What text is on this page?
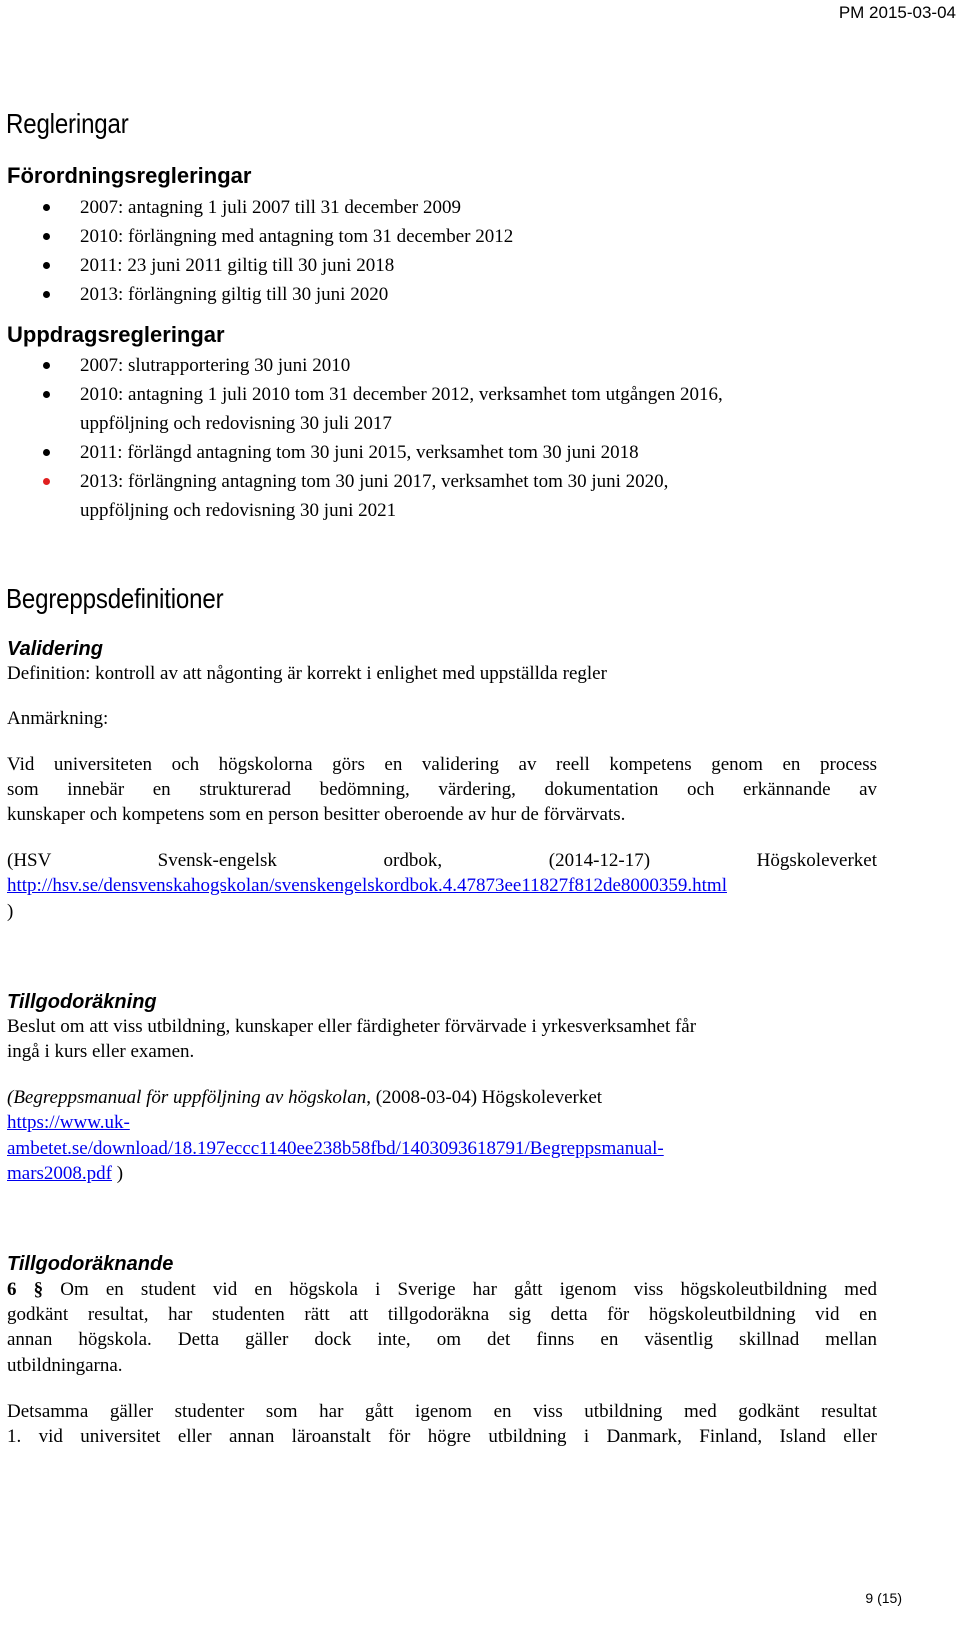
PM 2015-03-04
Regleringar
Förordningsregleringar
2007: antagning 1 juli 2007 till 31 december 2009
2010: förlängning med antagning tom 31 december 2012
2011: 23 juni 2011 giltig till 30 juni 2018
2013: förlängning giltig till 30 juni 2020
Uppdragsregleringar
2007: slutrapportering 30 juni 2010
2010: antagning 1 juli 2010 tom 31 december 2012, verksamhet tom utgången 2016,
uppföljning och redovisning 30 juli 2017
2011: förlängd antagning tom 30 juni 2015, verksamhet tom 30 juni 2018
2013: förlängning antagning tom 30 juni 2017, verksamhet tom 30 juni 2020,
uppföljning och redovisning 30 juni 2021
Begreppsdefinitioner
Validering
Definition: kontroll av att någonting är korrekt i enlighet med uppställda regler
Anmärkning:
Vid universiteten och högskolorna görs en validering av reell kompetens genom en process
som innebär en strukturerad bedömning, värdering, dokumentation och erkännande av
kunskaper och kompetens som en person besitter oberoende av hur de förvärvats.
(HSV Svensk-engelsk ordbok, (2014-12-17) Högskoleverket
http://hsv.se/densvenskahogskolan/svenskengelskordbok.4.47873ee11827f812de8000359.html
)
Tillgodoräkning
Beslut om att viss utbildning, kunskaper eller färdigheter förvärvade i yrkesverksamhet får
ingå i kurs eller examen.
(Begreppsmanual för uppföljning av högskolan, (2008-03-04) Högskoleverket
https://www.uk-
ambetet.se/download/18.197eccc1140ee238b58fbd/1403093618791/Begreppsmanual-
mars2008.pdf )
Tillgodoräknande
6 § Om en student vid en högskola i Sverige har gått igenom viss högskoleutbildning med
godkänt resultat, har studenten rätt att tillgodoräkna sig detta för högskoleutbildning vid en
annan högskola. Detta gäller dock inte, om det finns en väsentlig skillnad mellan
utbildningarna.
Detsamma gäller studenter som har gått igenom en viss utbildning med godkänt resultat
1. vid universitet eller annan läroanstalt för högre utbildning i Danmark, Finland, Island eller
9 (15)
